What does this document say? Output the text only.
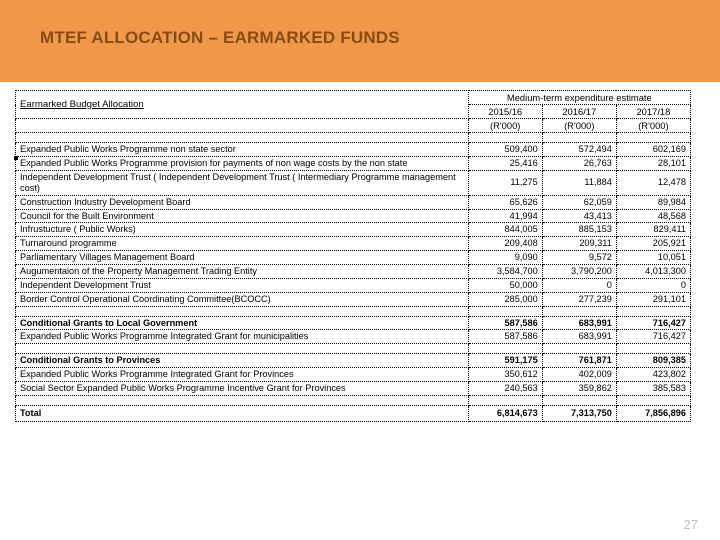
MTEF ALLOCATION – EARMARKED FUNDS
Earmarked Budget Allocation	Medium-term expenditure estimate		
	2015/16	2016/17	2017/18
	(R'000)	(R'000)	(R'000)

Expanded Public Works Programme non state sector	509,400	572,494	602,169
Expanded Public Works Programme provision for payments of non wage costs by the non state	25,416	26,763	28,101
Independent Development Trust ( Independent Development Trust ( Intermediary Programme management cost)	11,275	11,884	12,478
Construction Industry Development Board	65,626	62,059	89,984
Council for the Built Environment	41,994	43,413	48,568
Infrustucture ( Public Works)	844,005	885,153	829,411
Turnaround programme	209,408	209,311	205,921
Parliamentary Villages Management Board	9,090	9,572	10,051
Augumentaion of the Property Management Trading Entity	3,584,700	3,790,200	4,013,300
Independent Development Trust	50,000	0	0
Border Control Operational Coordinating Committee(BCOCC)	285,000	277,239	291,101

Conditional Grants to Local Government	587,586	683,991	716,427
Expanded Public Works Programme Integrated Grant for municipalities	587,586	683,991	716,427

Conditional Grants to Provinces	591,175	761,871	809,385
Expanded Public Works Programme Integrated Grant for Provinces	350,612	402,009	423,802
Social Sector Expanded Public Works Programme Incentive Grant for Provinces	240,563	359,862	385,583

Total	6,814,673	7,313,750	7,856,896
27
